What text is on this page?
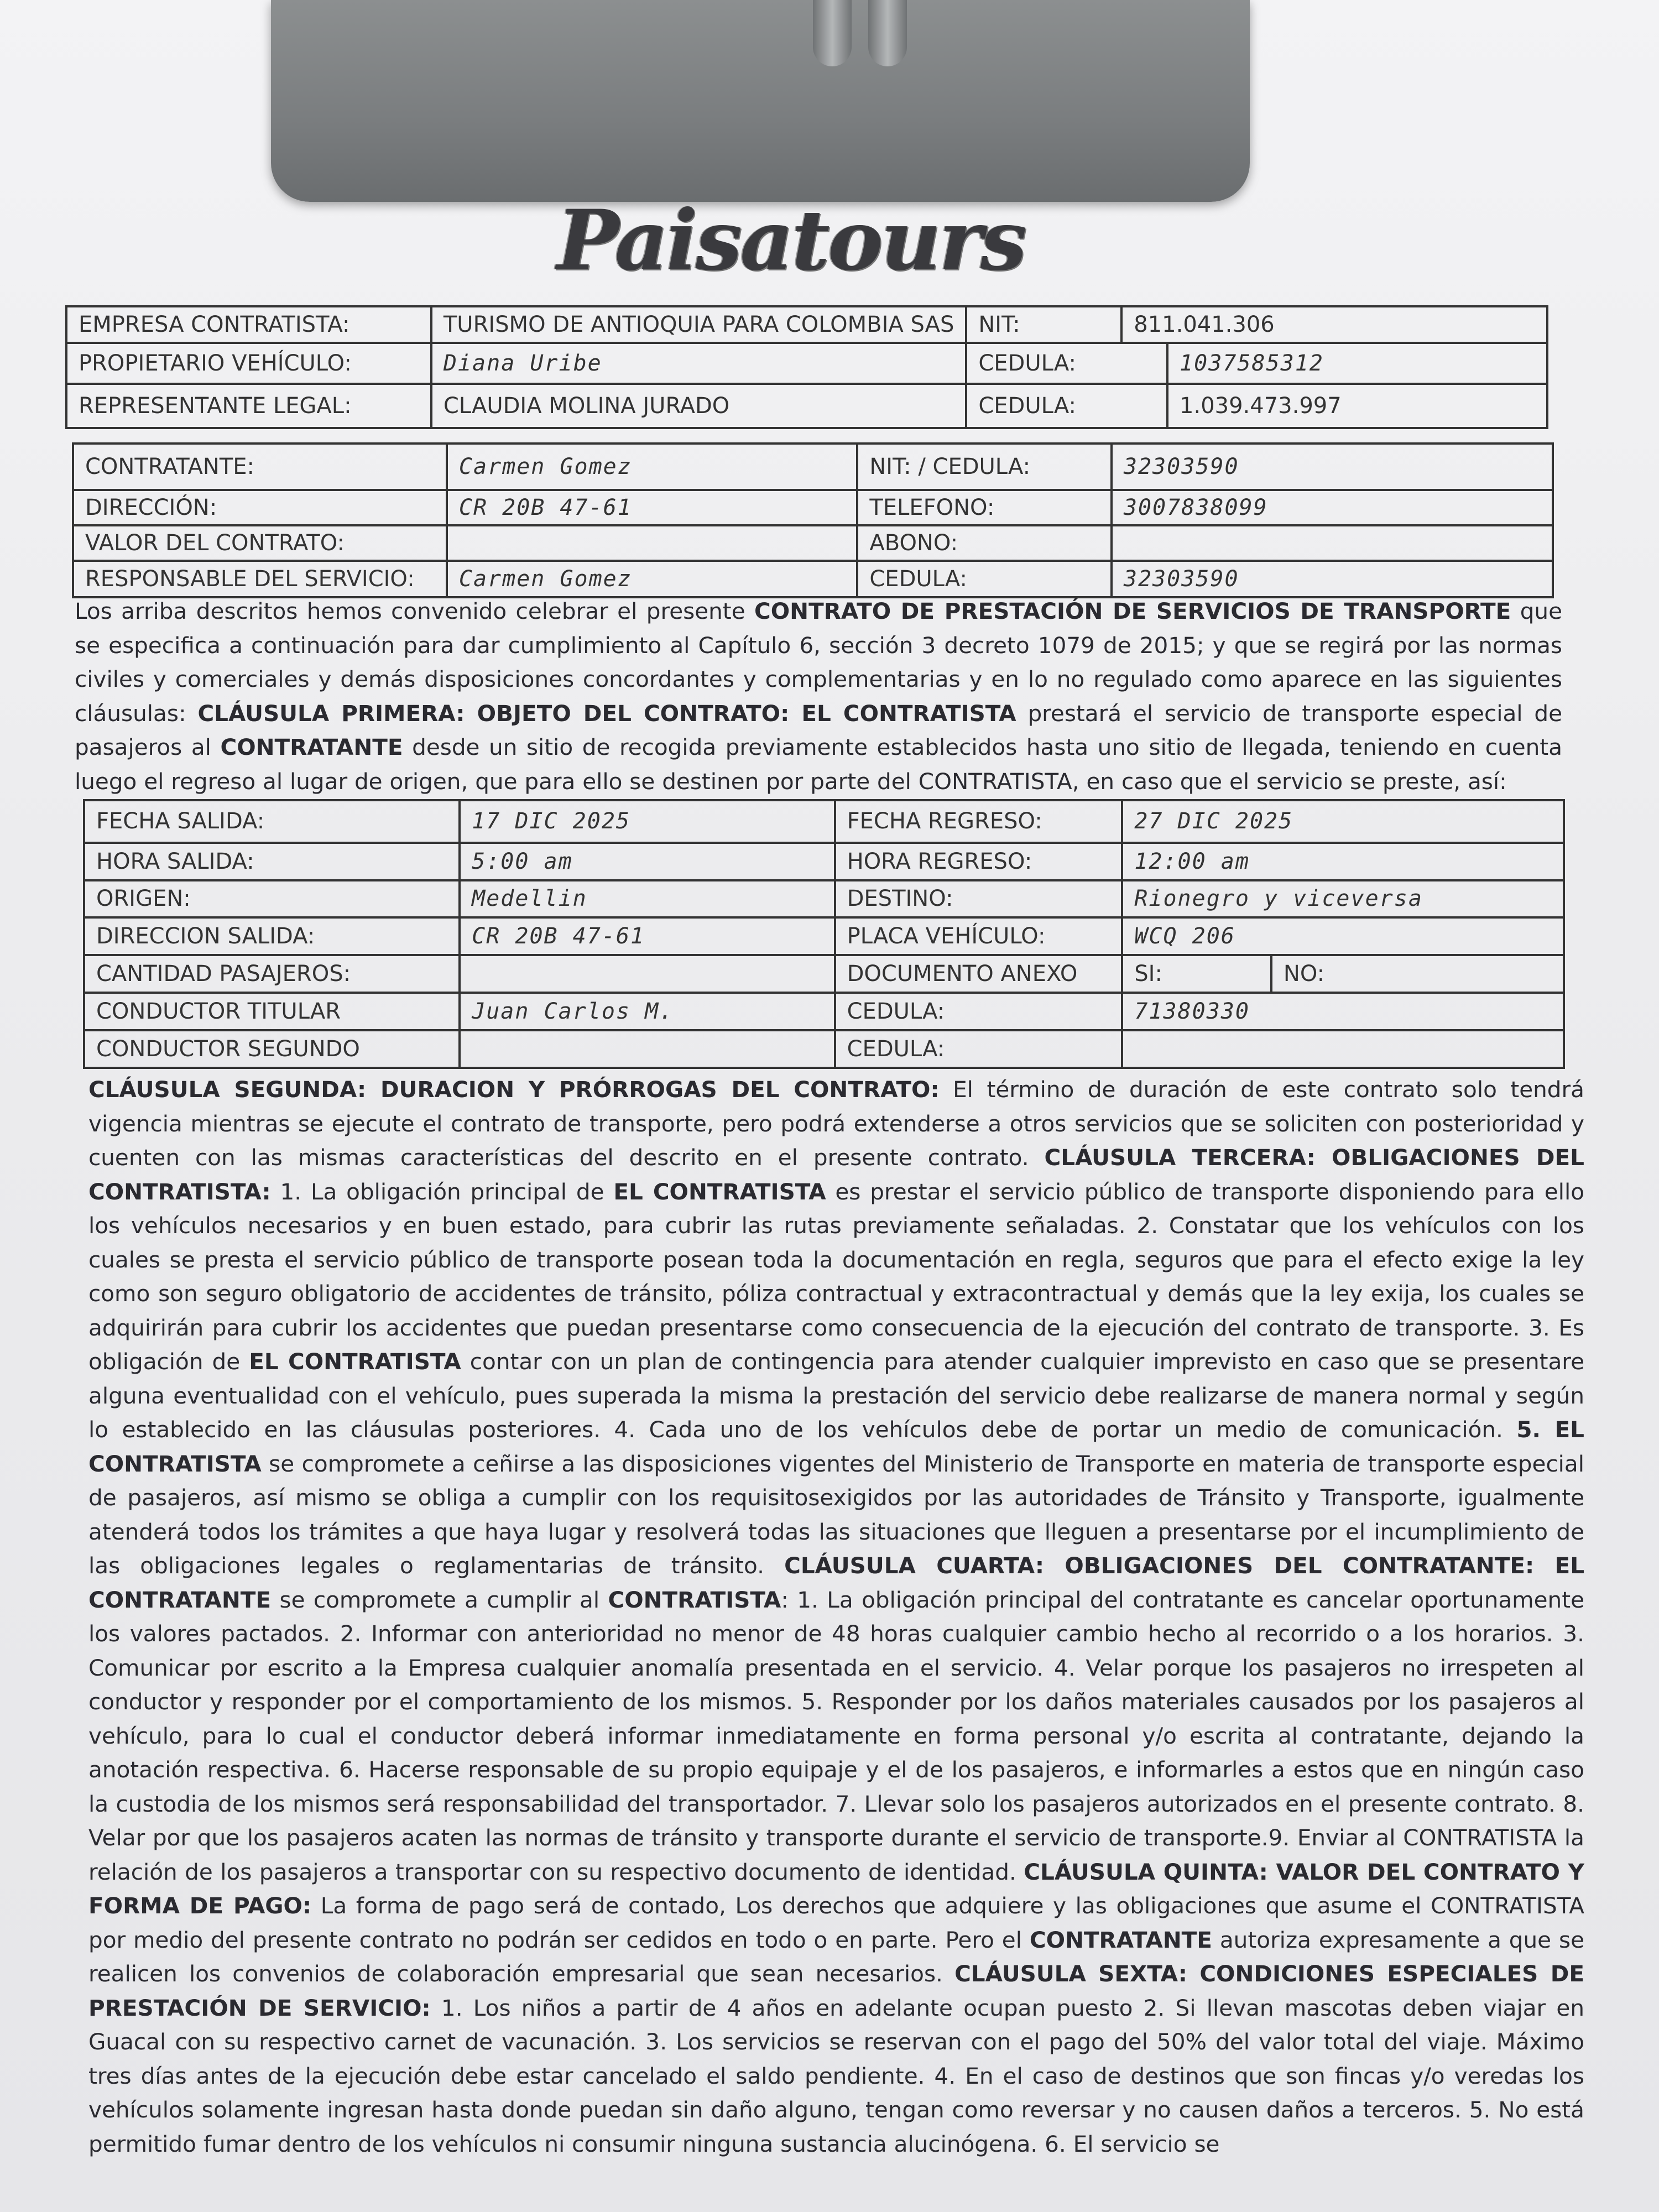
Paisatours
EMPRESA CONTRATISTA:	TURISMO DE ANTIOQUIA PARA COLOMBIA SAS	NIT:	811.041.306	
PROPIETARIO VEHÍCULO:	Diana Uribe	CEDULA:		1037585312
REPRESENTANTE LEGAL:	CLAUDIA MOLINA JURADO	CEDULA:		1.039.473.997
CONTRATANTE:	Carmen Gomez	NIT: / CEDULA:	32303590
DIRECCIÓN:	CR 20B 47-61	TELEFONO:	3007838099
VALOR DEL CONTRATO:		ABONO:	
RESPONSABLE DEL SERVICIO:	Carmen Gomez	CEDULA:	32303590
Los arriba descritos hemos convenido celebrar el presente CONTRATO DE PRESTACIÓN DE SERVICIOS DE TRANSPORTE que se especifica a continuación para dar cumplimiento al Capítulo 6, sección 3 decreto 1079 de 2015; y que se regirá por las normas civiles y comerciales y demás disposiciones concordantes y complementarias y en lo no regulado como aparece en las siguientes cláusulas: CLÁUSULA PRIMERA: OBJETO DEL CONTRATO: EL CONTRATISTA prestará el servicio de transporte especial de pasajeros al CONTRATANTE desde un sitio de recogida previamente establecidos hasta uno sitio de llegada, teniendo en cuenta luego el regreso al lugar de origen, que para ello se destinen por parte del CONTRATISTA, en caso que el servicio se preste, así:
FECHA SALIDA:	17 DIC 2025	FECHA REGRESO:	27 DIC 2025	
HORA SALIDA:	5:00 am	HORA REGRESO:	12:00 am	
ORIGEN:	Medellin	DESTINO:	Rionegro y viceversa	
DIRECCION SALIDA:	CR 20B 47-61	PLACA VEHÍCULO:	WCQ 206	
CANTIDAD PASAJEROS:		DOCUMENTO ANEXO	SI:	NO:
CONDUCTOR TITULAR	Juan Carlos M.	CEDULA:	71380330	
CONDUCTOR SEGUNDO		CEDULA:		
CLÁUSULA SEGUNDA: DURACION Y PRÓRROGAS DEL CONTRATO: El término de duración de este contrato solo tendrá vigencia mientras se ejecute el contrato de transporte, pero podrá extenderse a otros servicios que se soliciten con posterioridad y cuenten con las mismas características del descrito en el presente contrato. CLÁUSULA TERCERA: OBLIGACIONES DEL CONTRATISTA: 1. La obligación principal de EL CONTRATISTA es prestar el servicio público de transporte disponiendo para ello los vehículos necesarios y en buen estado, para cubrir las rutas previamente señaladas. 2. Constatar que los vehículos con los cuales se presta el servicio público de transporte posean toda la documentación en regla, seguros que para el efecto exige la ley como son seguro obligatorio de accidentes de tránsito, póliza contractual y extracontractual y demás que la ley exija, los cuales se adquirirán para cubrir los accidentes que puedan presentarse como consecuencia de la ejecución del contrato de transporte. 3. Es obligación de EL CONTRATISTA contar con un plan de contingencia para atender cualquier imprevisto en caso que se presentare alguna eventualidad con el vehículo, pues superada la misma la prestación del servicio debe realizarse de manera normal y según lo establecido en las cláusulas posteriores. 4. Cada uno de los vehículos debe de portar un medio de comunicación. 5. EL CONTRATISTA se compromete a ceñirse a las disposiciones vigentes del Ministerio de Transporte en materia de transporte especial de pasajeros, así mismo se obliga a cumplir con los requisitosexigidos por las autoridades de Tránsito y Transporte, igualmente atenderá todos los trámites a que haya lugar y resolverá todas las situaciones que lleguen a presentarse por el incumplimiento de las obligaciones legales o reglamentarias de tránsito. CLÁUSULA CUARTA: OBLIGACIONES DEL CONTRATANTE: EL CONTRATANTE se compromete a cumplir al CONTRATISTA: 1. La obligación principal del contratante es cancelar oportunamente los valores pactados. 2. Informar con anterioridad no menor de 48 horas cualquier cambio hecho al recorrido o a los horarios. 3. Comunicar por escrito a la Empresa cualquier anomalía presentada en el servicio. 4. Velar porque los pasajeros no irrespeten al conductor y responder por el comportamiento de los mismos. 5. Responder por los daños materiales causados por los pasajeros al vehículo, para lo cual el conductor deberá informar inmediatamente en forma personal y/o escrita al contratante, dejando la anotación respectiva. 6. Hacerse responsable de su propio equipaje y el de los pasajeros, e informarles a estos que en ningún caso la custodia de los mismos será responsabilidad del transportador. 7. Llevar solo los pasajeros autorizados en el presente contrato. 8. Velar por que los pasajeros acaten las normas de tránsito y transporte durante el servicio de transporte.9. Enviar al CONTRATISTA la relación de los pasajeros a transportar con su respectivo documento de identidad. CLÁUSULA QUINTA: VALOR DEL CONTRATO Y FORMA DE PAGO: La forma de pago será de contado, Los derechos que adquiere y las obligaciones que asume el CONTRATISTA por medio del presente contrato no podrán ser cedidos en todo o en parte. Pero el CONTRATANTE autoriza expresamente a que se realicen los convenios de colaboración empresarial que sean necesarios. CLÁUSULA SEXTA: CONDICIONES ESPECIALES DE PRESTACIÓN DE SERVICIO: 1. Los niños a partir de 4 años en adelante ocupan puesto 2. Si llevan mascotas deben viajar en Guacal con su respectivo carnet de vacunación. 3. Los servicios se reservan con el pago del 50% del valor total del viaje. Máximo tres días antes de la ejecución debe estar cancelado el saldo pendiente. 4. En el caso de destinos que son fincas y/o veredas los vehículos solamente ingresan hasta donde puedan sin daño alguno, tengan como reversar y no causen daños a terceros. 5. No está permitido fumar dentro de los vehículos ni consumir ninguna sustancia alucinógena. 6. El servicio se
